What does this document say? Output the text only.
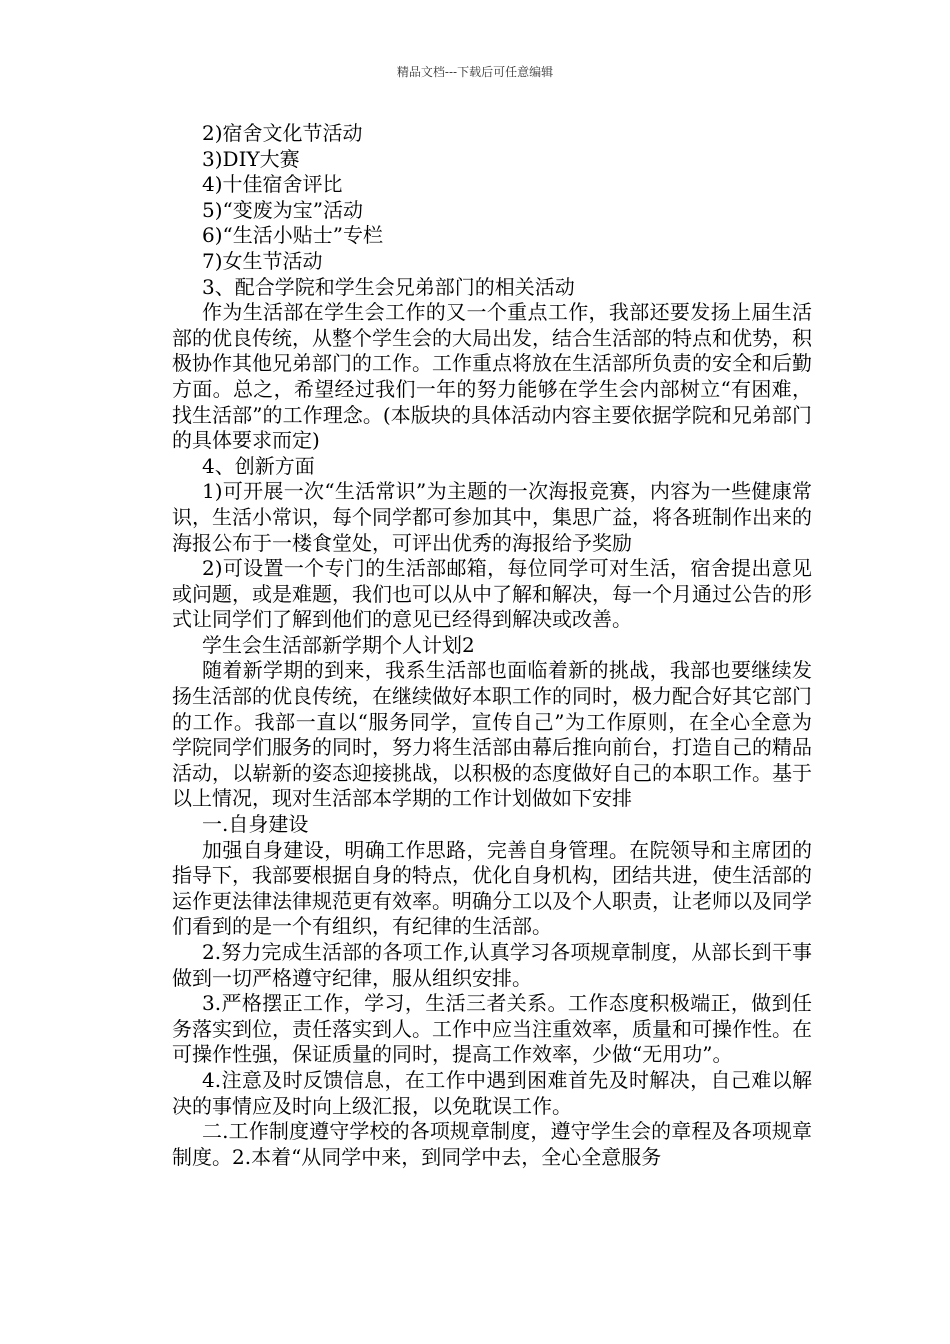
精品文档---下载后可任意编辑

2)宿舍文化节活动

3)DIY大赛

4)十佳宿舍评比

5)“变废为宝”活动

6)“生活小贴士”专栏

7)女生节活动

3、配合学院和学生会兄弟部门的相关活动

作为生活部在学生会工作的又一个重点工作，我部还要发扬上届生活部的优良传统，从整个学生会的大局出发，结合生活部的特点和优势，积极协作其他兄弟部门的工作。工作重点将放在生活部所负责的安全和后勤方面。总之，希望经过我们一年的努力能够在学生会内部树立“有困难，找生活部”的工作理念。(本版块的具体活动内容主要依据学院和兄弟部门的具体要求而定)

4、创新方面

1)可开展一次“生活常识”为主题的一次海报竞赛，内容为一些健康常识，生活小常识，每个同学都可参加其中，集思广益，将各班制作出来的海报公布于一楼食堂处，可评出优秀的海报给予奖励

2)可设置一个专门的生活部邮箱，每位同学可对生活，宿舍提出意见或问题，或是难题，我们也可以从中了解和解决，每一个月通过公告的形式让同学们了解到他们的意见已经得到解决或改善。

学生会生活部新学期个人计划2

随着新学期的到来，我系生活部也面临着新的挑战，我部也要继续发扬生活部的优良传统，在继续做好本职工作的同时，极力配合好其它部门的工作。我部一直以“服务同学，宣传自己”为工作原则，在全心全意为学院同学们服务的同时，努力将生活部由幕后推向前台，打造自己的精品活动，以崭新的姿态迎接挑战，以积极的态度做好自己的本职工作。基于以上情况，现对生活部本学期的工作计划做如下安排

一.自身建设

加强自身建设，明确工作思路，完善自身管理。在院领导和主席团的指导下，我部要根据自身的特点，优化自身机构，团结共进，使生活部的运作更法律法律规范更有效率。明确分工以及个人职责，让老师以及同学们看到的是一个有组织，有纪律的生活部。

2.努力完成生活部的各项工作,认真学习各项规章制度，从部长到干事做到一切严格遵守纪律，服从组织安排。

3.严格摆正工作，学习，生活三者关系。工作态度积极端正，做到任务落实到位，责任落实到人。工作中应当注重效率，质量和可操作性。在可操作性强，保证质量的同时，提高工作效率，少做“无用功”。

4.注意及时反馈信息，在工作中遇到困难首先及时解决，自己难以解决的事情应及时向上级汇报，以免耽误工作。

二.工作制度遵守学校的各项规章制度，遵守学生会的章程及各项规章制度。2.本着“从同学中来，到同学中去，全心全意服务
